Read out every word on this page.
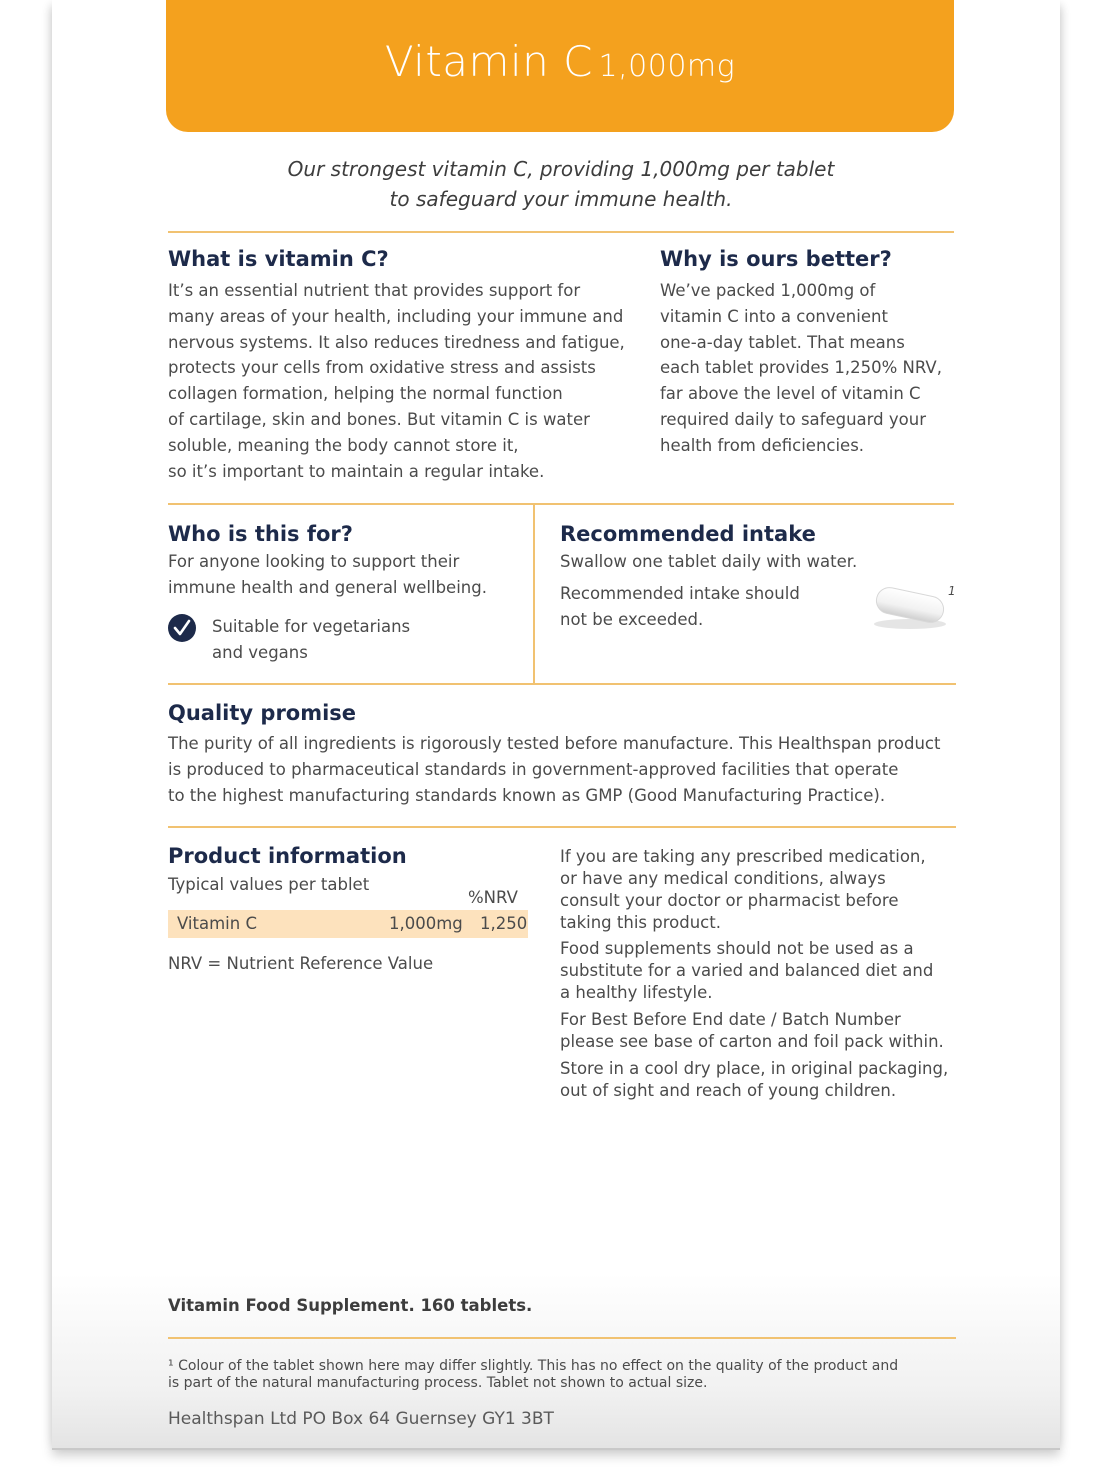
Vitamin C 1,000mg
Our strongest vitamin C, providing 1,000mg per tablet
to safeguard your immune health.
What is vitamin C?

It’s an essential nutrient that provides support for
many areas of your health, including your immune and
nervous systems. It also reduces tiredness and fatigue,
protects your cells from oxidative stress and assists
collagen formation, helping the normal function
of cartilage, skin and bones. But vitamin C is water
soluble, meaning the body cannot store it,
so it’s important to maintain a regular intake.

Why is ours better?

We’ve packed 1,000mg of
vitamin C into a convenient
one-a-day tablet. That means
each tablet provides 1,250% NRV,
far above the level of vitamin C
required daily to safeguard your
health from deficiencies.

Who is this for?

For anyone looking to support their
immune health and general wellbeing.

Suitable for vegetarians
and vegans

Recommended intake

Swallow one tablet daily with water.

Recommended intake should
not be exceeded.

1
Quality promise

The purity of all ingredients is rigorously tested before manufacture. This Healthspan product
is produced to pharmaceutical standards in government-approved facilities that operate
to the highest manufacturing standards known as GMP (Good Manufacturing Practice).

Product information

Typical values per tablet

%NRV
Vitamin C	1,000mg 1,250

NRV = Nutrient Reference Value

If you are taking any prescribed medication,
or have any medical conditions, always
consult your doctor or pharmacist before
taking this product.

Food supplements should not be used as a
substitute for a varied and balanced diet and
a healthy lifestyle.

For Best Before End date / Batch Number
please see base of carton and foil pack within.

Store in a cool dry place, in original packaging,
out of sight and reach of young children.

Vitamin Food Supplement. 160 tablets.
¹ Colour of the tablet shown here may differ slightly. This has no effect on the quality of the product and
is part of the natural manufacturing process. Tablet not shown to actual size.
Healthspan Ltd PO Box 64 Guernsey GY1 3BT
